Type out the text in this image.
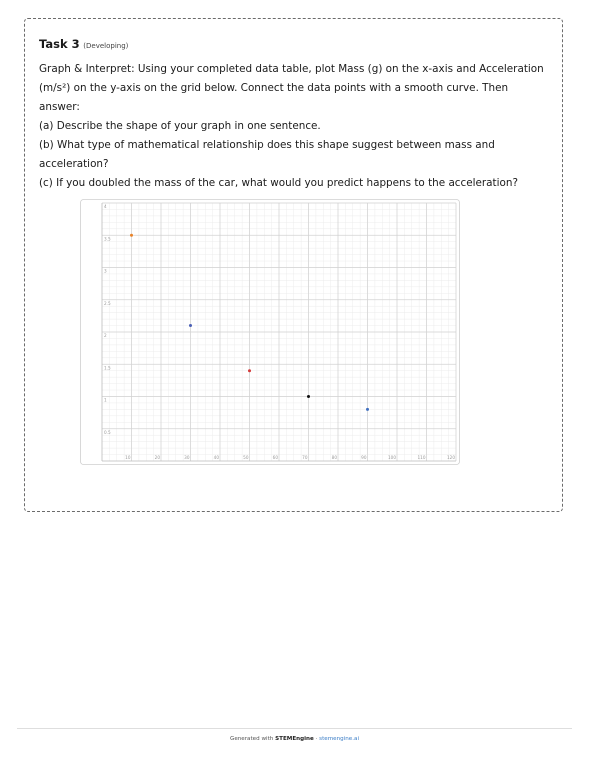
Task 3 (Developing)

Graph & Interpret: Using your completed data table, plot Mass (g) on the x-axis and Acceleration (m/s²) on the y-axis on the grid below. Connect the data points with a smooth curve. Then answer:

(a) Describe the shape of your graph in one sentence.

(b) What type of mathematical relationship does this shape suggest between mass and acceleration?

(c) If you doubled the mass of the car, what would you predict happens to the acceleration?

10	20	30	40	50	60	70	80	90	100	110	120
0.5
1
1.5
2
2.5
3
3.5
4
Generated with STEMEngine · stemengine.ai
